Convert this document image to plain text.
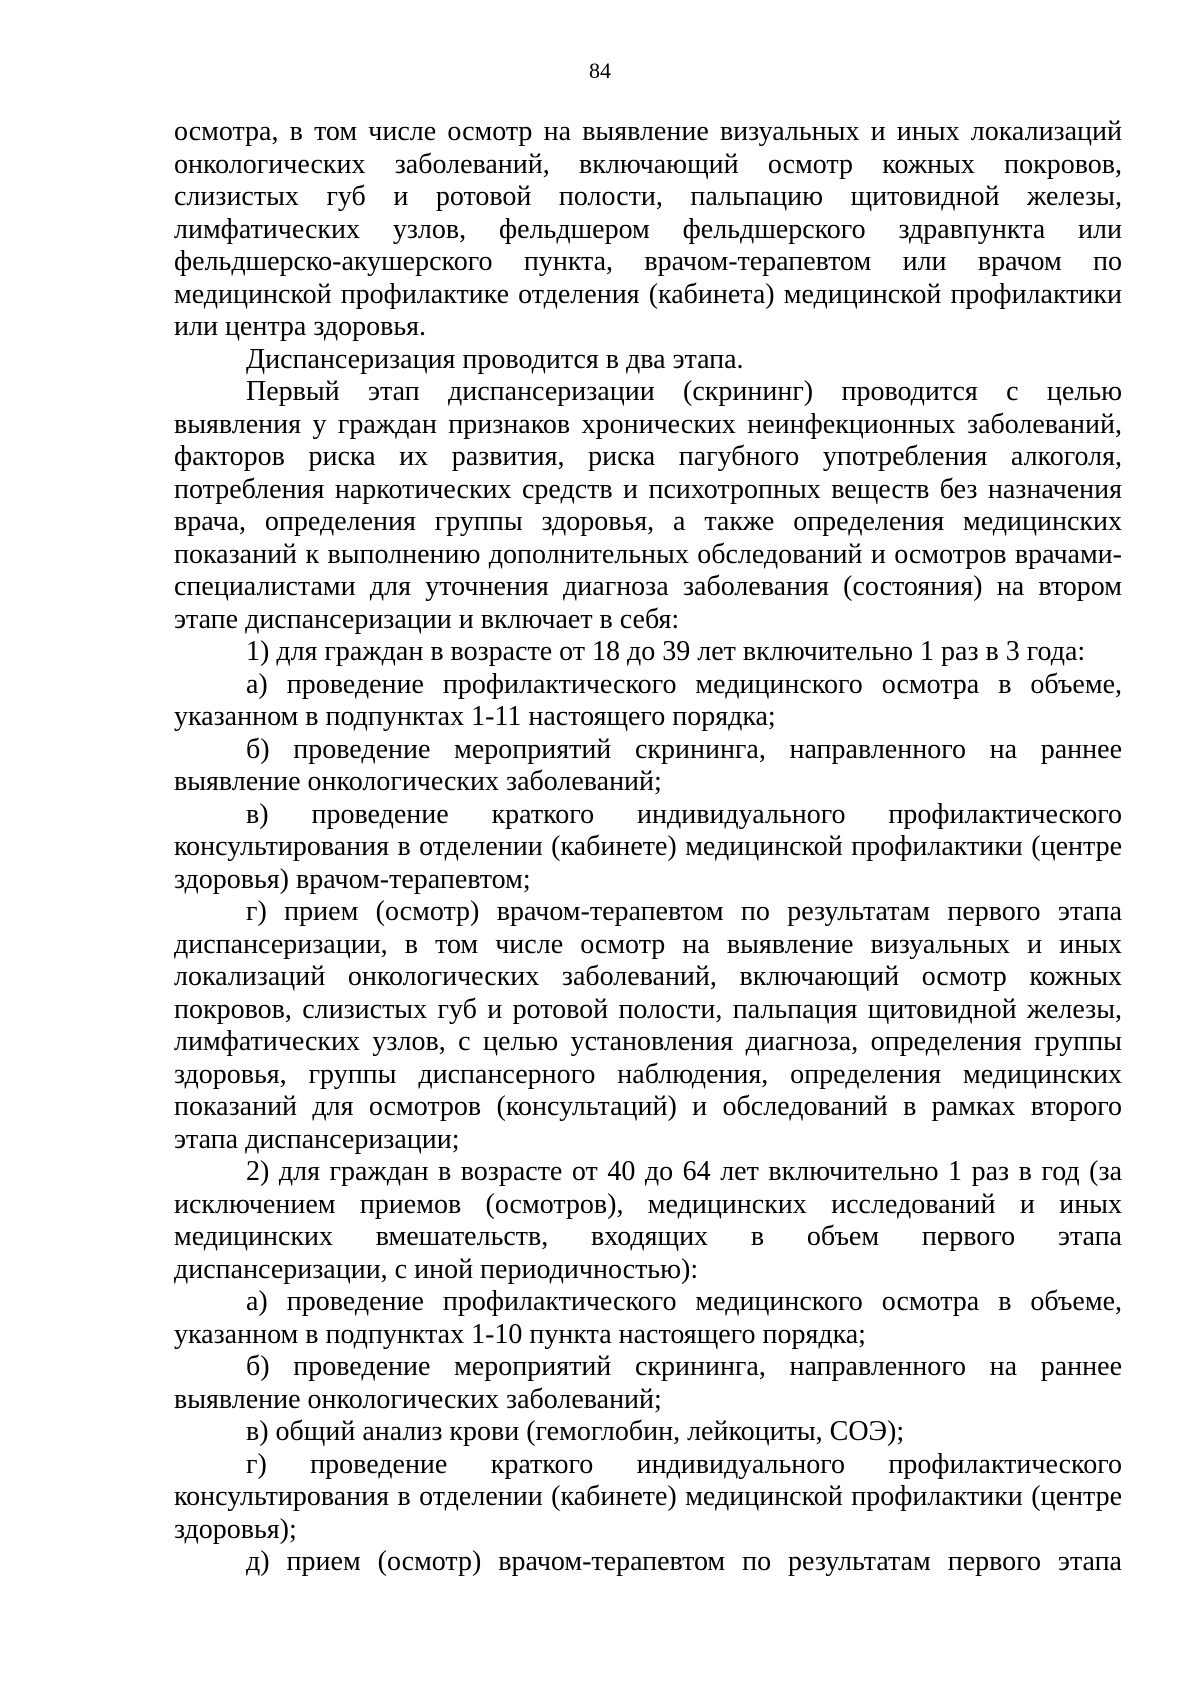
84

осмотра, в том числе осмотр на выявление визуальных и иных локализаций онкологических заболеваний, включающий осмотр кожных покровов, слизистых губ и ротовой полости, пальпацию щитовидной железы, лимфатических узлов, фельдшером фельдшерского здравпункта или фельдшерско-акушерского пункта, врачом-терапевтом или врачом по медицинской профилактике отделения (кабинета) медицинской профилактики или центра здоровья.

Диспансеризация проводится в два этапа.

Первый этап диспансеризации (скрининг) проводится с целью выявления у граждан признаков хронических неинфекционных заболеваний, факторов риска их развития, риска пагубного употребления алкоголя, потребления наркотических средств и психотропных веществ без назначения врача, определения группы здоровья, а также определения медицинских показаний к выполнению дополнительных обследований и осмотров врачами-специалистами для уточнения диагноза заболевания (состояния) на втором этапе диспансеризации и включает в себя:

1) для граждан в возрасте от 18 до 39 лет включительно 1 раз в 3 года:

а) проведение профилактического медицинского осмотра в объеме, указанном в подпунктах 1-11 настоящего порядка;

б) проведение мероприятий скрининга, направленного на раннее выявление онкологических заболеваний;

в) проведение краткого индивидуального профилактического консультирования в отделении (кабинете) медицинской профилактики (центре здоровья) врачом-терапевтом;

г) прием (осмотр) врачом-терапевтом по результатам первого этапа диспансеризации, в том числе осмотр на выявление визуальных и иных локализаций онкологических заболеваний, включающий осмотр кожных покровов, слизистых губ и ротовой полости, пальпация щитовидной железы, лимфатических узлов, с целью установления диагноза, определения группы здоровья, группы диспансерного наблюдения, определения медицинских показаний для осмотров (консультаций) и обследований в рамках второго этапа диспансеризации;

2) для граждан в возрасте от 40 до 64 лет включительно 1 раз в год (за исключением приемов (осмотров), медицинских исследований и иных медицинских вмешательств, входящих в объем первого этапа диспансеризации, с иной периодичностью):

а) проведение профилактического медицинского осмотра в объеме, указанном в подпунктах 1-10 пункта настоящего порядка;

б) проведение мероприятий скрининга, направленного на раннее выявление онкологических заболеваний;

в) общий анализ крови (гемоглобин, лейкоциты, СОЭ);

г) проведение краткого индивидуального профилактического консультирования в отделении (кабинете) медицинской профилактики (центре здоровья);

д) прием (осмотр) врачом-терапевтом по результатам первого этапа
